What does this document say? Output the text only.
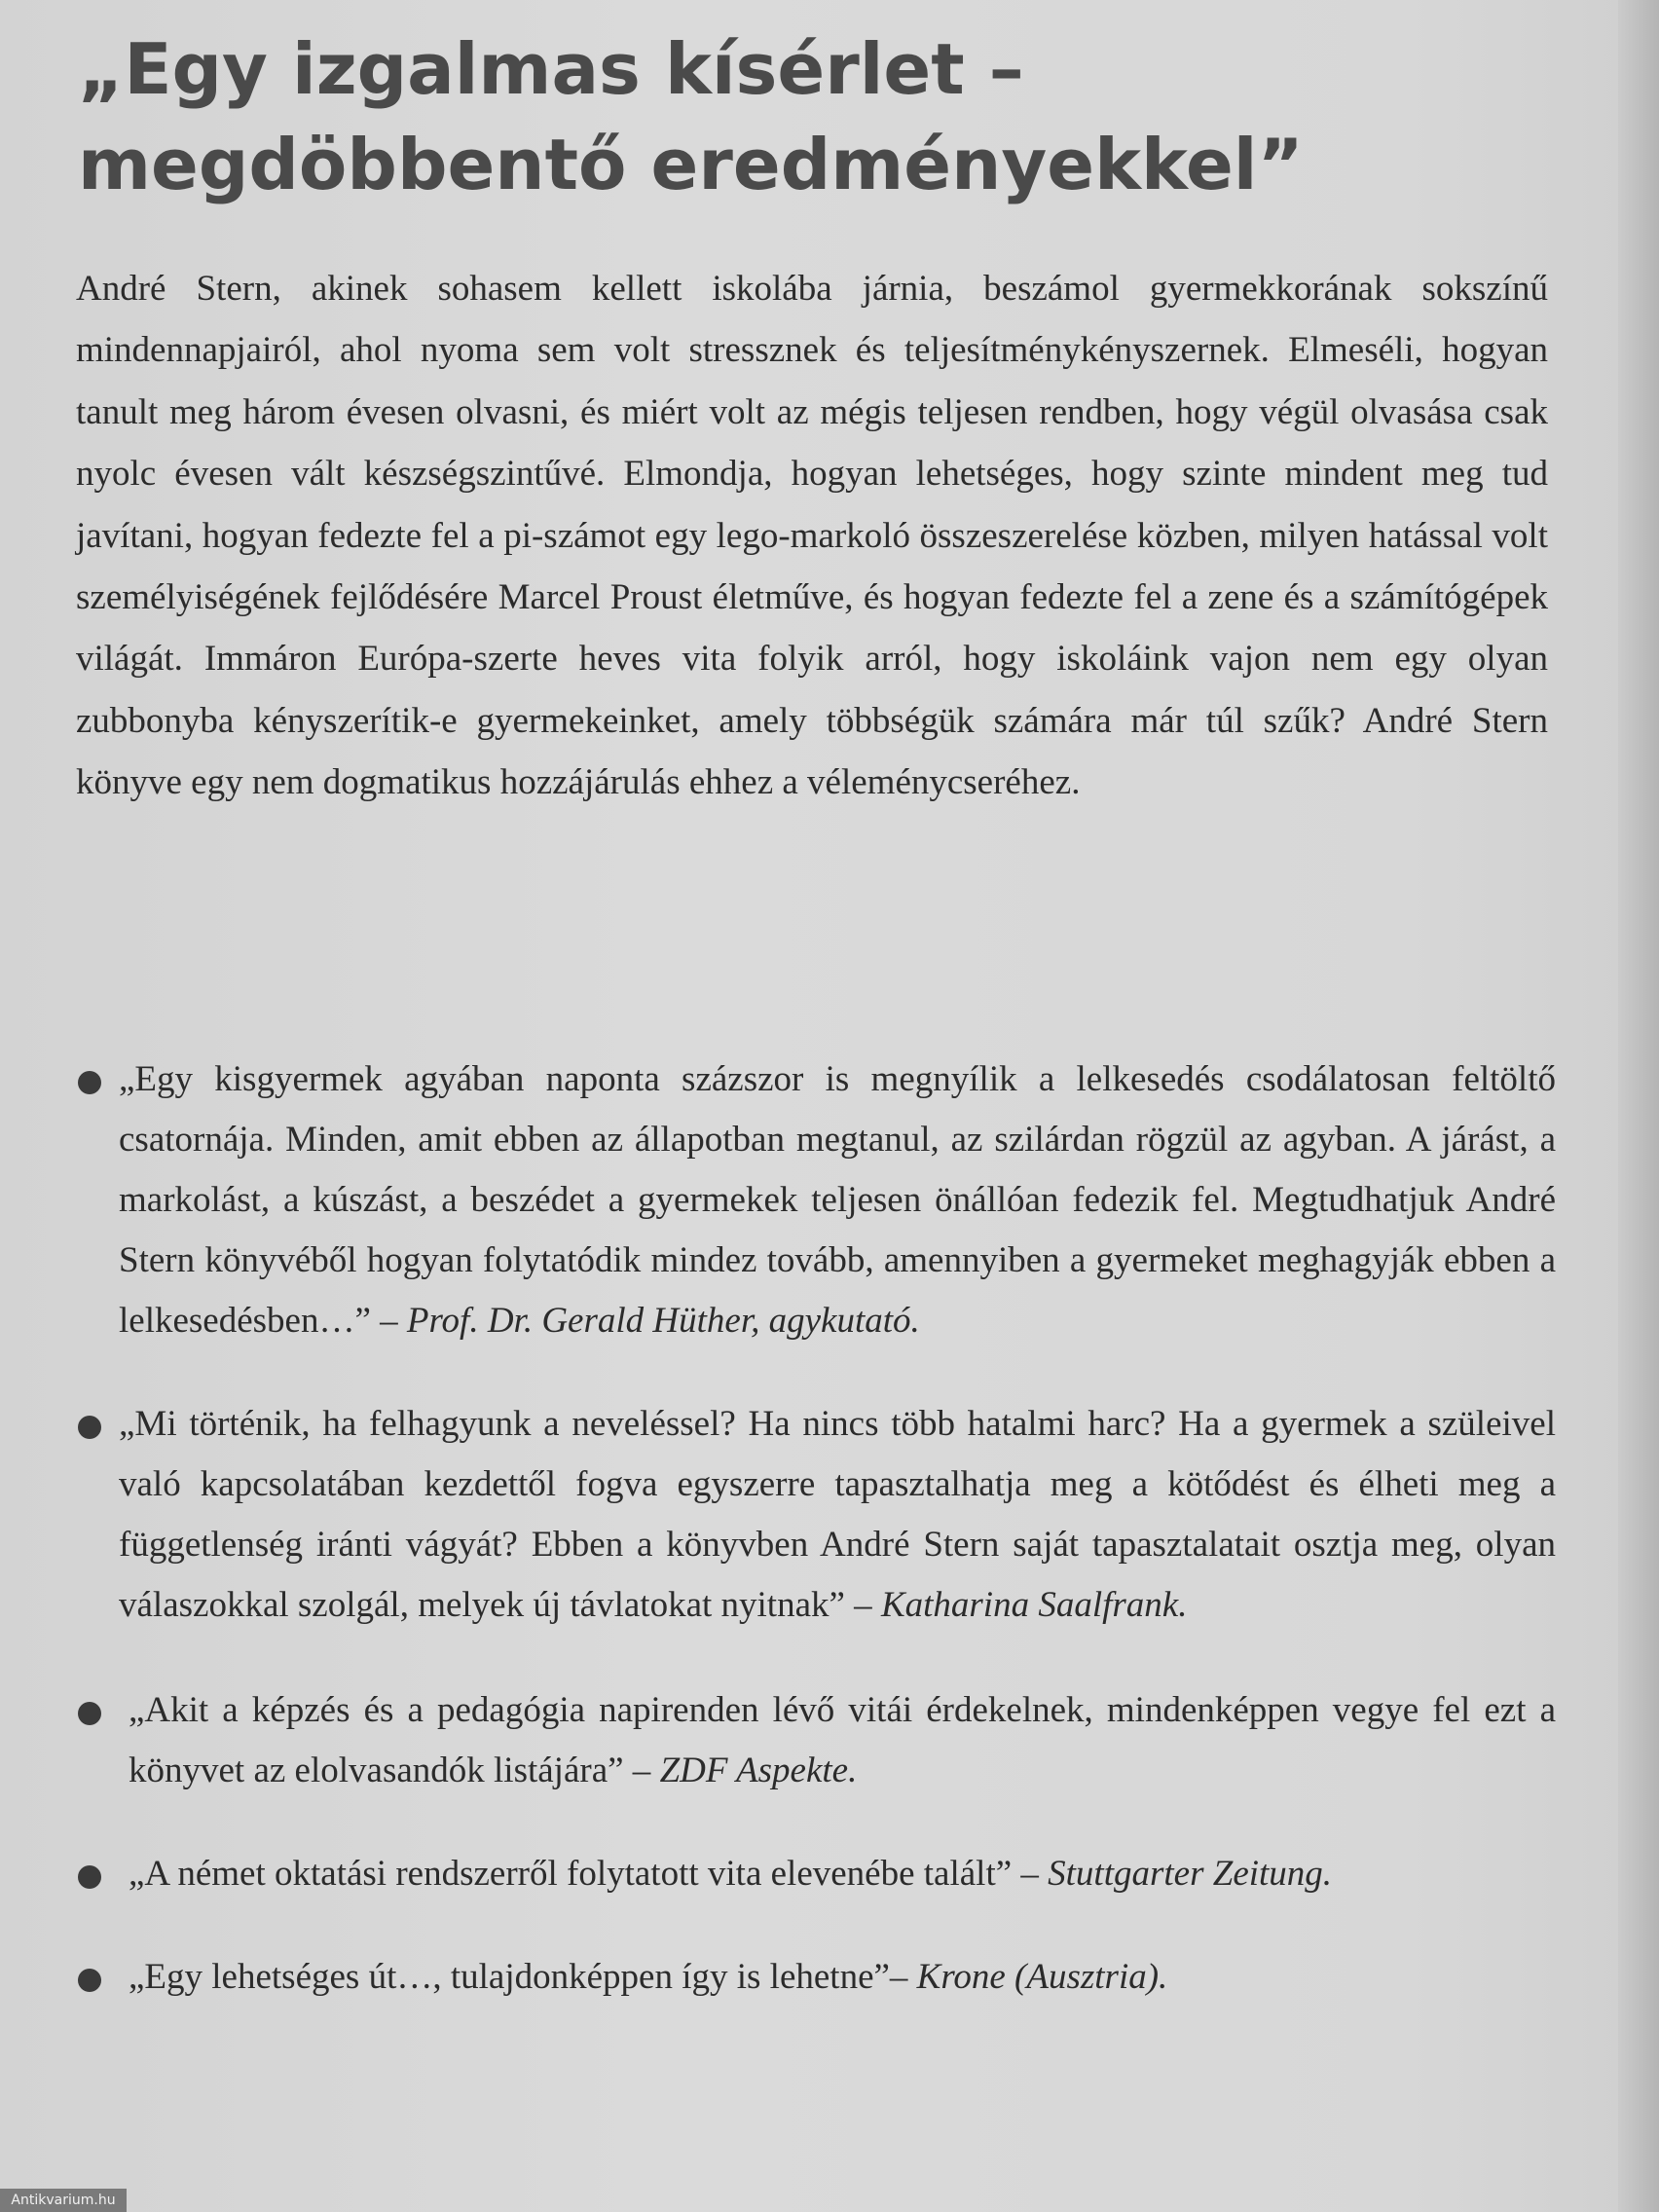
„Egy izgalmas kísérlet –
megdöbbentő eredményekkel”

André Stern, akinek sohasem kellett iskolába járnia, beszámol gyermekkorának sokszínű mindennapjairól, ahol nyoma sem volt stressznek és teljesítménykényszernek. Elmeséli, hogyan tanult meg három évesen olvasni, és miért volt az mégis teljesen rendben, hogy végül olvasása csak nyolc évesen vált készségszintűvé. Elmondja, hogyan lehetséges, hogy szinte mindent meg tud javítani, hogyan fedezte fel a pi-számot egy lego-markoló összeszerelése közben, milyen hatással volt személyiségének fejlődésére Marcel Proust életműve, és hogyan fedezte fel a zene és a számítógépek világát. Immáron Európa-szerte heves vita folyik arról, hogy iskoláink vajon nem egy olyan zubbonyba kényszerítik-e gyermekeinket, amely többségük számára már túl szűk? André Stern könyve egy nem dogmatikus hozzájárulás ehhez a véleménycseréhez.

„Egy kisgyermek agyában naponta százszor is megnyílik a lelkesedés csodálatosan feltöltő csatornája. Minden, amit ebben az állapotban megtanul, az szilárdan rögzül az agyban. A járást, a markolást, a kúszást, a beszédet a gyermekek teljesen önállóan fedezik fel. Megtudhatjuk André Stern könyvéből hogyan folytatódik mindez tovább, amennyiben a gyermeket meghagyják ebben a lelkesedésben…” – Prof. Dr. Gerald Hüther, agykutató.
„Mi történik, ha felhagyunk a neveléssel? Ha nincs több hatalmi harc? Ha a gyermek a szüleivel való kapcsolatában kezdettől fogva egyszerre tapasztalhatja meg a kötődést és élheti meg a függetlenség iránti vágyát? Ebben a könyvben André Stern saját tapasztalatait osztja meg, olyan válaszokkal szolgál, melyek új távlatokat nyitnak” – Katharina Saalfrank.
„Akit a képzés és a pedagógia napirenden lévő vitái érdekelnek, mindenképpen vegye fel ezt a könyvet az elolvasandók listájára” – ZDF Aspekte.
„A német oktatási rendszerről folytatott vita elevenébe talált” – Stuttgarter Zeitung.
„Egy lehetséges út…, tulajdonképpen így is lehetne”– Krone (Ausztria).
Antikvarium.hu
